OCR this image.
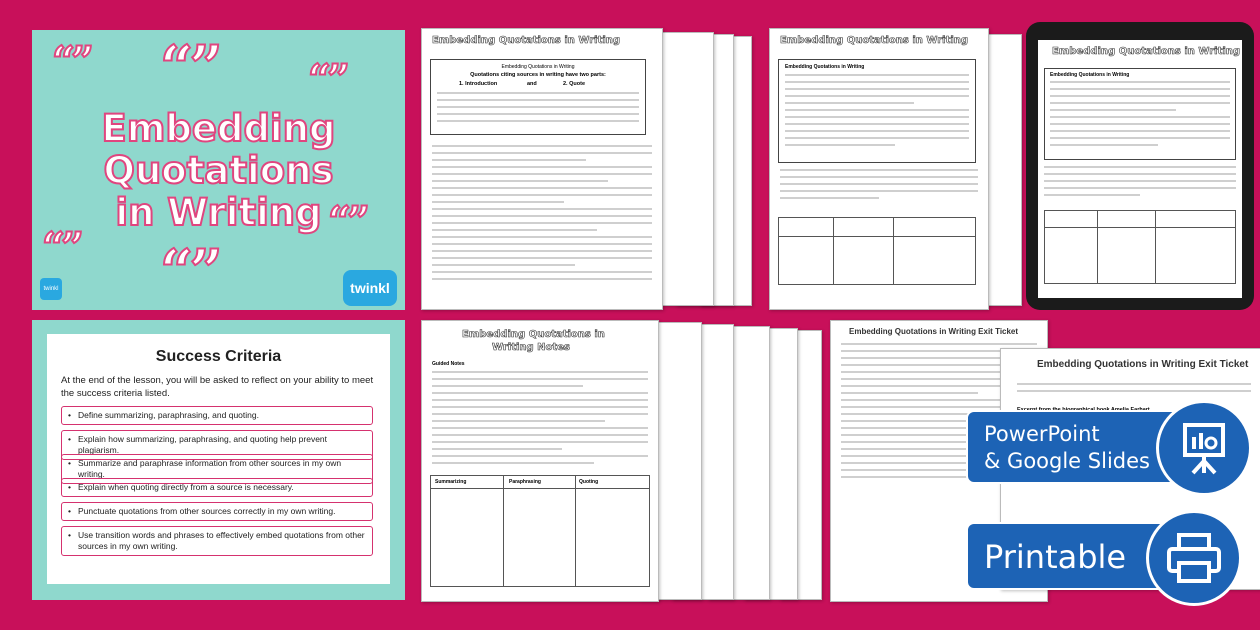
“” “” “”
“”
“” “”
Embedding
Quotations
in Writing
twinkl	twinkl
Embedding Quotations in Writing
Embedding Quotations in Writing
Quotations citing sources in writing have two parts:
1. Introduction	and	2. Quote
Embedding Quotations in Writing
Embedding Quotations in Writing
Embedding Quotations in Writing
Embedding Quotations in Writing
Success Criteria
At the end of the lesson, you will be asked to reflect on your ability to meet the success criteria listed.
• Define summarizing, paraphrasing, and quoting.
• Explain how summarizing, paraphrasing, and quoting help prevent plagiarism.
• Summarize and paraphrase information from other sources in my own writing.
• Explain when quoting directly from a source is necessary.
• Punctuate quotations from other sources correctly in my own writing.
• Use transition words and phrases to effectively embed quotations from other sources in my own writing.
Embedding Quotations in
Writing Notes
Guided Notes
Summarizing	Paraphrasing	Quoting
Embedding Quotations in Writing Exit Ticket
Embedding Quotations in Writing Exit Ticket
PowerPoint
& Google Slides
Printable
